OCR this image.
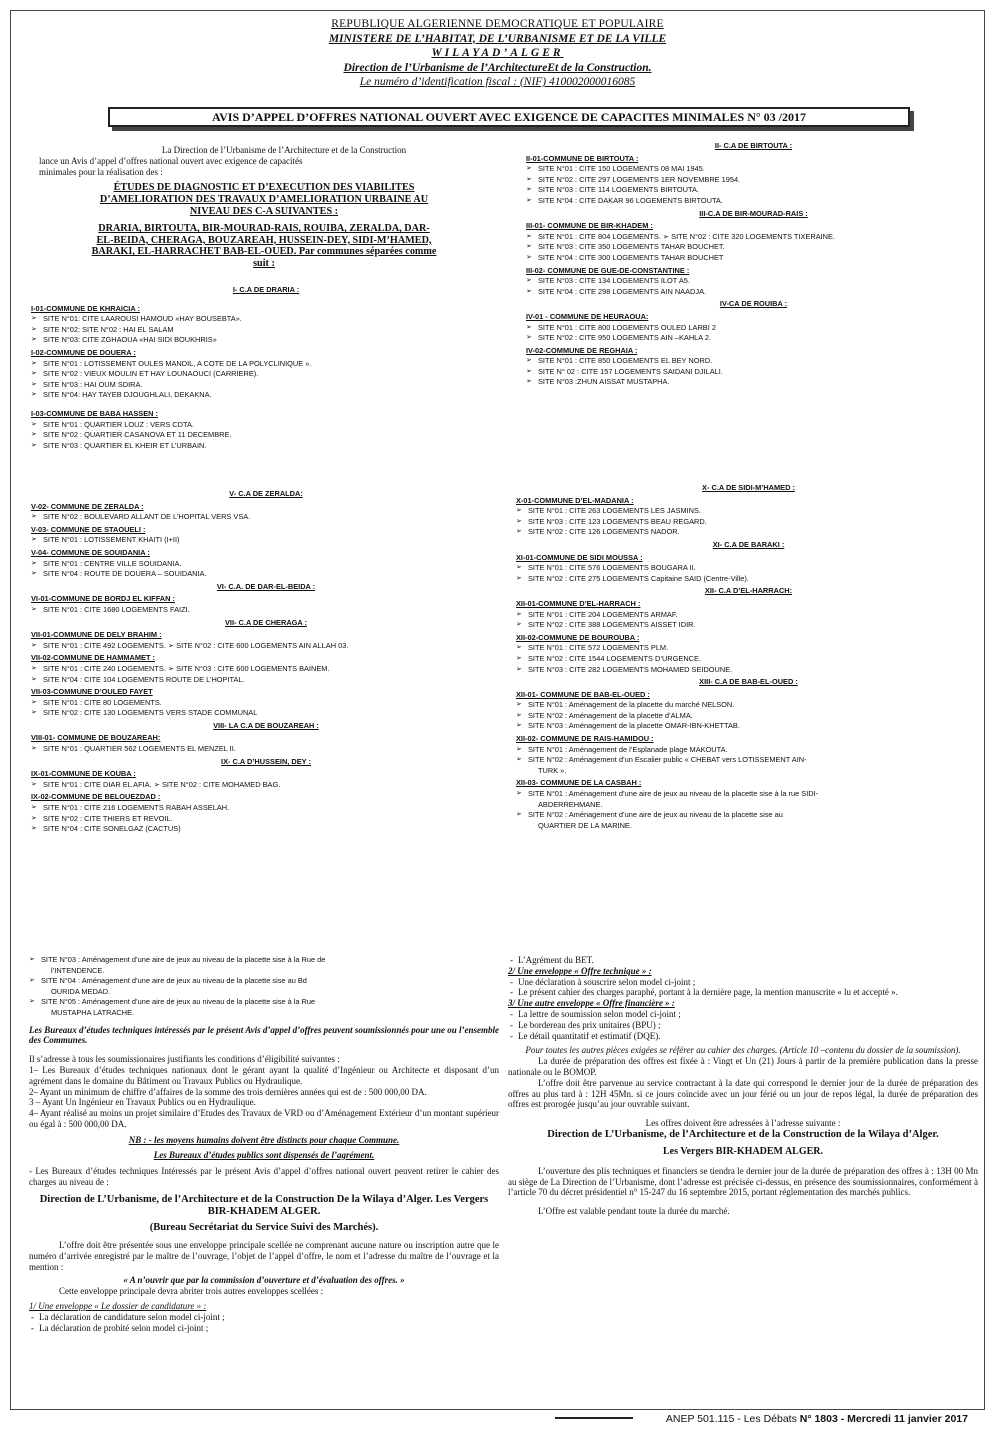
REPUBLIQUE ALGERIENNE DEMOCRATIQUE ET POPULAIRE
MINISTERE DE L’HABITAT, DE L’URBANISME ET DE LA VILLE
WILAYAD’ALGER
Direction de l’Urbanisme de l’ArchitectureEt de la Construction.
Le numéro d’identification fiscal : (NIF) 410002000016085
AVIS D’APPEL D’OFFRES NATIONAL OUVERT AVEC EXIGENCE DE CAPACITES MINIMALES N° 03 /2017
La Direction de l’Urbanisme de l’Architecture et de la Construction
lance un Avis d’appel d’offres national ouvert avec exigence de capacités
minimales pour la réalisation des :
ÉTUDES DE DIAGNOSTIC ET D’EXECUTION DES VIABILITES
D’AMELIORATION DES TRAVAUX D’AMELIORATION URBAINE AU
NIVEAU DES C-A SUIVANTES :
DRARIA, BIRTOUTA, BIR-MOURAD-RAIS, ROUIBA, ZERALDA, DAR-
EL-BEIDA, CHERAGA, BOUZAREAH, HUSSEIN-DEY, SIDI-M’HAMED,
BARAKI, EL-HARRACHET BAB-EL-OUED. Par communes séparées comme
suit :
I- C.A DE DRARIA :
I-01-COMMUNE DE KHRAICIA :
➢ SITE N°01: CITE LAAROUSI HAMOUD «HAY BOUSEBTA».
➢ SITE N°02: SITE N°02 : HAI EL SALAM
➢ SITE N°03: CITE ZGHAOUA «HAI SIDI BOUKHRIS»
I-02-COMMUNE DE DOUERA :
➢ SITE N°01 : LOTISSEMENT OULES MANDIL, A COTE DE LA POLYCLINIQUE ».
➢ SITE N°02 : VIEUX MOULIN ET HAY LOUNAOUCI (CARRIERE).
➢ SITE N°03 : HAI OUM SDIRA.
➢ SITE N°04: HAY TAYEB DJOUGHLALI, DEKAKNA.
I-03-COMMUNE DE BABA HASSEN :
➢ SITE N°01 : QUARTIER LOUZ : VERS CDTA.
➢ SITE N°02 : QUARTIER CASANOVA ET 11 DECEMBRE.
➢ SITE N°03 : QUARTIER EL KHEIR ET L’URBAIN.
II- C.A DE BIRTOUTA :
II-01-COMMUNE DE BIRTOUTA :
➢ SITE N°01 : CITE 150 LOGEMENTS 08 MAI 1945.
➢ SITE N°02 : CITE 297 LOGEMENTS 1ER NOVEMBRE 1954.
➢ SITE N°03 : CITE 114 LOGEMENTS BIRTOUTA.
➢ SITE N°04 : CITE DAKAR 96 LOGEMENTS BIRTOUTA.
III-C.A DE BIR-MOURAD-RAIS :
III-01- COMMUNE DE BIR-KHADEM :
➢ SITE N°01 : CITE 804 LOGEMENTS. ➢ SITE N°02 : CITE 320 LOGEMENTS TIXERAINE.
➢ SITE N°03 : CITE 350 LOGEMENTS TAHAR BOUCHET.
➢ SITE N°04 : CITE 300 LOGEMENTS TAHAR BOUCHET
III-02- COMMUNE DE GUE-DE-CONSTANTINE :
➢ SITE N°03 : CITE 134 LOGEMENTS ILOT A5.
➢ SITE N°04 : CITE 298 LOGEMENTS AIN NAADJA.
IV-CA DE ROUIBA :
IV-01 - COMMUNE DE HEURAOUA:
➢ SITE N°01 : CITE 800 LOGEMENTS OULED LARBI 2
➢ SITE N°02 : CITE 950 LOGEMENTS AIN –KAHLA 2.
IV-02-COMMUNE DE REGHAIA :
➢ SITE N°01 : CITE 850 LOGEMENTS EL BEY NORD.
➢ SITE N° 02 : CITE 157 LOGEMENTS SAIDANI DJILALI.
➢ SITE N°03 :ZHUN AISSAT MUSTAPHA.
V- C.A DE ZERALDA:
V-02- COMMUNE DE ZERALDA :
➢ SITE N°02 : BOULEVARD ALLANT DE L’HOPITAL VERS VSA.
V-03- COMMUNE DE STAOUELI :
➢ SITE N°01 : LOTISSEMENT KHAITI (I+II)
V-04- COMMUNE DE SOUIDANIA :
➢ SITE N°01 : CENTRE VILLE SOUIDANIA.
➢ SITE N°04 : ROUTE DE DOUERA – SOUIDANIA.
VI- C.A. DE DAR-EL-BEIDA :
VI-01-COMMUNE DE BORDJ EL KIFFAN :
➢ SITE N°01 : CITE 1680 LOGEMENTS FAIZI.
VII- C.A DE CHERAGA :
VII-01-COMMUNE DE DELY BRAHIM :
➢ SITE N°01 : CITE 492 LOGEMENTS. ➢ SITE N°02 : CITE 600 LOGEMENTS AIN ALLAH 03.
VII-02-COMMUNE DE HAMMAMET :
➢ SITE N°01 : CITE 240 LOGEMENTS. ➢ SITE N°03 : CITE 600 LOGEMENTS BAINEM.
➢ SITE N°04 : CITE 104 LOGEMENTS ROUTE DE L’HOPITAL.
VII-03-COMMUNE D’OULED FAYET
➢ SITE N°01 : CITE 80 LOGEMENTS.
➢ SITE N°02 : CITE 130 LOGEMENTS VERS STADE COMMUNAL
VIII- LA C.A DE BOUZAREAH :
VIII-01- COMMUNE DE BOUZAREAH:
➢ SITE N°01 : QUARTIER 562 LOGEMENTS EL MENZEL II.
IX- C.A D’HUSSEIN, DEY :
IX-01-COMMUNE DE KOUBA :
➢ SITE N°01 : CITE DIAR EL AFIA. ➢ SITE N°02 : CITE MOHAMED BAG.
IX-02-COMMUNE DE BELOUEZDAD :
➢ SITE N°01 : CITE 216 LOGEMENTS RABAH ASSELAH.
➢ SITE N°02 : CITE THIERS ET REVOIL.
➢ SITE N°04 : CITE SONELGAZ (CACTUS)
X- C.A DE SIDI-M’HAMED :
X-01-COMMUNE D’EL-MADANIA :
➢ SITE N°01 : CITE 263 LOGEMENTS LES JASMINS.
➢ SITE N°03 : CITE 123 LOGEMENTS BEAU REGARD.
➢ SITE N°02 : CITE 126 LOGEMENTS NADOR.
XI- C.A DE BARAKI :
XI-01-COMMUNE DE SIDI MOUSSA :
➢ SITE N°01 : CITE 576 LOGEMENTS BOUGARA II.
➢ SITE N°02 : CITE 275 LOGEMENTS Capitaine SAID (Centre-Ville).
XII- C.A D’EL-HARRACH:
XII-01-COMMUNE D’EL-HARRACH :
➢ SITE N°01 : CITE 204 LOGEMENTS ARMAF.
➢ SITE N°02 : CITE 388 LOGEMENTS AISSET IDIR.
XII-02-COMMUNE DE BOUROUBA :
➢ SITE N°01 : CITE 572 LOGEMENTS PLM.
➢ SITE N°02 : CITE 1544 LOGEMENTS D’URGENCE.
➢ SITE N°03 : CITE 282 LOGEMENTS MOHAMED SEIDOUNE.
XIII- C.A DE BAB-EL-OUED :
XII-01- COMMUNE DE BAB-EL-OUED :
➢ SITE N°01 : Aménagement de la placette du marché NELSON.
➢ SITE N°02 : Aménagement de la placette d’ALMA.
➢ SITE N°03 : Aménagement de la placette OMAR-IBN-KHETTAB.
XII-02- COMMUNE DE RAIS-HAMIDOU :
➢ SITE N°01 : Aménagement de l’Esplanade plage MAKOUTA.
➢ SITE N°02 : Aménagement d’un Escalier public « CHEBAT vers LOTISSEMENT AIN-
TURK ».
XII-03- COMMUNE DE LA CASBAH :
➢ SITE N°01 : Aménagement d’une aire de jeux au niveau de la placette sise à la rue SIDI-
ABDERREHMANE.
➢ SITE N°02 : Aménagement d’une aire de jeux au niveau de la placette sise au
QUARTIER DE LA MARINE.
➢ SITE N°03 : Aménagement d’une aire de jeux au niveau de la placette sise à la Rue de
l’INTENDENCE.
➢ SITE N°04 : Aménagement d’une aire de jeux au niveau de la placette sise au Bd
OURIDA MEDAD.
➢ SITE N°05 : Aménagement d’une aire de jeux au niveau de la placette sise à la Rue
MUSTAPHA LATRACHE.
Les Bureaux d’études techniques intéressés par le présent Avis d’appel d’offres peuvent soumissionnés pour une ou l’ensemble des Communes.
Il s’adresse à tous les soumissionaires justifiants les conditions d’éligibilité suivantes :
1– Les Bureaux d’études techniques nationaux dont le gérant ayant la qualité d’Ingénieur ou Architecte et disposant d’un agrément dans le domaine du Bâtiment ou Travaux Publics ou Hydraulique.
2– Ayant un minimum de chiffre d’affaires de la somme des trois dernières années qui est de : 500 000,00 DA.
3 – Ayant Un Ingénieur en Travaux Publics ou en Hydraulique.
4– Ayant réalisé au moins un projet similaire d’Etudes des Travaux de VRD ou d’Aménagement Extérieur d’un montant supérieur ou égal à : 500 000,00 DA.
NB : - les moyens humains doivent être distincts pour chaque Commune.
Les Bureaux d’études publics sont dispensés de l’agrément.
- Les Bureaux d’études techniques Intéressés par le présent Avis d’appel d’offres national ouvert peuvent retirer le cahier des charges au niveau de :
Direction de L’Urbanisme, de l’Architecture et de la Construction De la Wilaya d’Alger. Les Vergers BIR-KHADEM ALGER.
(Bureau Secrétariat du Service Suivi des Marchés).
L’offre doit être présentée sous une enveloppe principale scellée ne comprenant aucune nature ou inscription autre que le numéro d’arrivée enregistré par le maître de l’ouvrage, l’objet de l’appel d’offre, le nom et l’adresse du maître de l’ouvrage et la mention :
« A n’ouvrir que par la commission d’ouverture et d’évaluation des offres. »
Cette enveloppe principale devra abriter trois autres enveloppes scellées :
1/ Une enveloppe « Le dossier de candidature » :
- La déclaration de candidature selon model ci-joint ;
- La déclaration de probité selon model ci-joint ;
- L’Agrément du BET.
2/ Une enveloppe « Offre technique » :
- Une déclaration à souscrire selon model ci-joint ;
- Le présent cahier des charges paraphé, portant à la dernière page, la mention manuscrite « lu et accepté ».
3/ Une autre enveloppe « Offre financière » :
- La lettre de soumission selon model ci-joint ;
- Le bordereau des prix unitaires (BPU) ;
- Le détail quantitatif et estimatif (DQE).
Pour toutes les autres pièces exigées se référer au cahier des charges. (Article 10 –contenu du dossier de la soumission).
La durée de préparation des offres est fixée à : Vingt et Un (21) Jours à partir de la première publication dans la presse nationale ou le BOMOP.
L’offre doit être parvenue au service contractant à la date qui correspond le dernier jour de la durée de préparation des offres au plus tard à : 12H 45Mn. si ce jours coïncide avec un jour férié ou un jour de repos légal, la durée de préparation des offres est prorogée jusqu’au jour ouvrable suivant.
Les offres doivent être adressées à l’adresse suivante :
Direction de L’Urbanisme, de l’Architecture et de la Construction de la Wilaya d’Alger.
Les Vergers BIR-KHADEM ALGER.
L’ouverture des plis techniques et financiers se tiendra le dernier jour de la durée de préparation des offres à : 13H 00 Mn au siège de La Direction de l’Urbanisme, dont l’adresse est précisée ci-dessus, en présence des soumissionnaires, conformément à l’article 70 du décret présidentiel n° 15-247 du 16 septembre 2015, portant réglementation des marchés publics.
L’Offre est valable pendant toute la durée du marché.
ANEP 501.115 - Les Débats N° 1803 - Mercredi 11 janvier 2017
